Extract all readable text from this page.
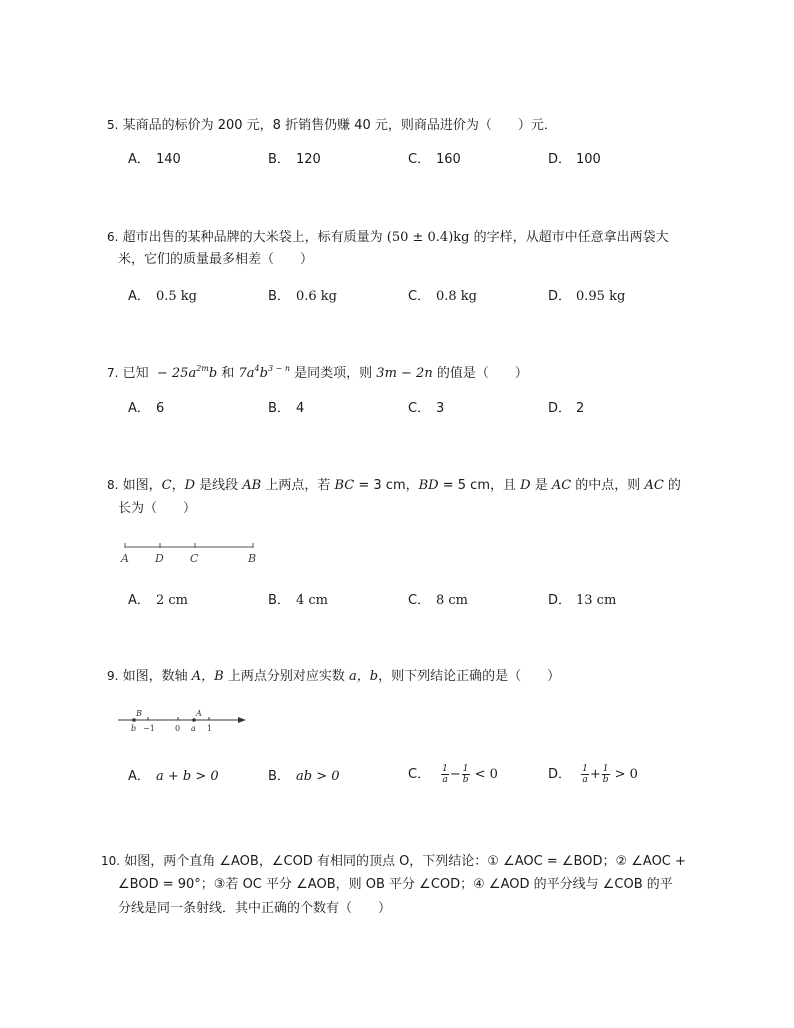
5. 某商品的标价为 200 元，8 折销售仍赚 40 元，则商品进价为（　　）元．
A． 140	B． 120	C． 160	D． 100
6. 超市出售的某种品牌的大米袋上，标有质量为 (50 ± 0.4)kg 的字样，从超市中任意拿出两袋大
米，它们的质量最多相差（　　）
A． 0.5 kg	B． 0.6 kg	C． 0.8 kg	D． 0.95 kg
7. 已知 − $25a^{2m}b$ 和 $7a^4b^{3 - n}$ 是同类项，则 3m − 2n 的值是（　　）
A． 6	B． 4	C． 3	D． 2
8. 如图，C，D 是线段 AB 上两点，若 BC = 3 cm，BD = 5 cm，且 D 是 AC 的中点，则 AC 的
长为（　　）
A D C	B
A． 2 cm	B． 4 cm	C． 8 cm	D． 13 cm
9. 如图，数轴 A，B 上两点分别对应实数 a，b，则下列结论正确的是（　　）
B	A
b −1	0 a 1
A． a + b > 0	B． ab > 0	C． $\frac{1}{a} - \frac{1}{b} < 0$	D． $\frac{1}{a} + \frac{1}{b} > 0$
10. 如图，两个直角 ∠AOB，∠COD 有相同的顶点 O，下列结论：① ∠AOC = ∠BOD；② ∠AOC +
∠BOD = 90°；③若 OC 平分 ∠AOB，则 OB 平分 ∠COD；④ ∠AOD 的平分线与 ∠COB 的平
分线是同一条射线．其中正确的个数有（　　）
